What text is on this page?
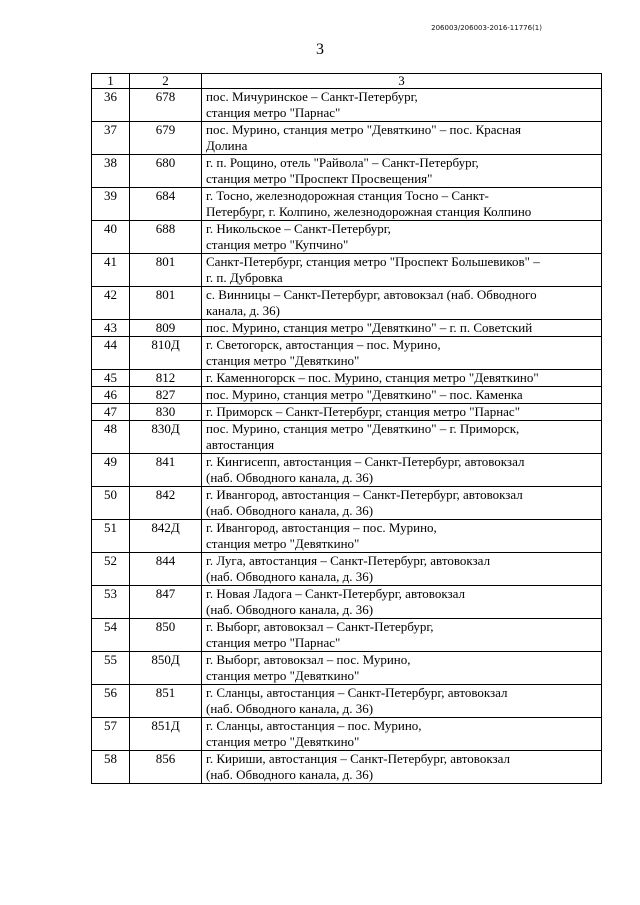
206003/206003-2016-11776(1)
3
1	2	3
36	678	пос. Мичуринское – Санкт-Петербург,
станция метро "Парнас"

37	679	пос. Мурино, станция метро "Девяткино" – пос. Красная
Долина

38	680	г. п. Рощино, отель "Райвола" – Санкт-Петербург,
станция метро "Проспект Просвещения"

39	684	г. Тосно, железнодорожная станция Тосно – Санкт-
Петербург, г. Колпино, железнодорожная станция Колпино

40	688	г. Никольское – Санкт-Петербург,
станция метро "Купчино"

41	801	Санкт-Петербург, станция метро "Проспект Большевиков" –
г. п. Дубровка

42	801	с. Винницы – Санкт-Петербург, автовокзал (наб. Обводного
канала, д. 36)

43	809	пос. Мурино, станция метро "Девяткино" – г. п. Советский

44	810Д	г. Светогорск, автостанция – пос. Мурино,
станция метро "Девяткино"

45	812	г. Каменногорск – пос. Мурино, станция метро "Девяткино"

46	827	пос. Мурино, станция метро "Девяткино" – пос. Каменка

47	830	г. Приморск – Санкт-Петербург, станция метро "Парнас"

48	830Д	пос. Мурино, станция метро "Девяткино" – г. Приморск,
автостанция

49	841	г. Кингисепп, автостанция – Санкт-Петербург, автовокзал
(наб. Обводного канала, д. 36)

50	842	г. Ивангород, автостанция – Санкт-Петербург, автовокзал
(наб. Обводного канала, д. 36)

51	842Д	г. Ивангород, автостанция – пос. Мурино,
станция метро "Девяткино"

52	844	г. Луга, автостанция – Санкт-Петербург, автовокзал
(наб. Обводного канала, д. 36)

53	847	г. Новая Ладога – Санкт-Петербург, автовокзал
(наб. Обводного канала, д. 36)

54	850	г. Выборг, автовокзал – Санкт-Петербург,
станция метро "Парнас"

55	850Д	г. Выборг, автовокзал – пос. Мурино,
станция метро "Девяткино"

56	851	г. Сланцы, автостанция – Санкт-Петербург, автовокзал
(наб. Обводного канала, д. 36)

57	851Д	г. Сланцы, автостанция – пос. Мурино,
станция метро "Девяткино"

58	856	г. Кириши, автостанция – Санкт-Петербург, автовокзал
(наб. Обводного канала, д. 36)
